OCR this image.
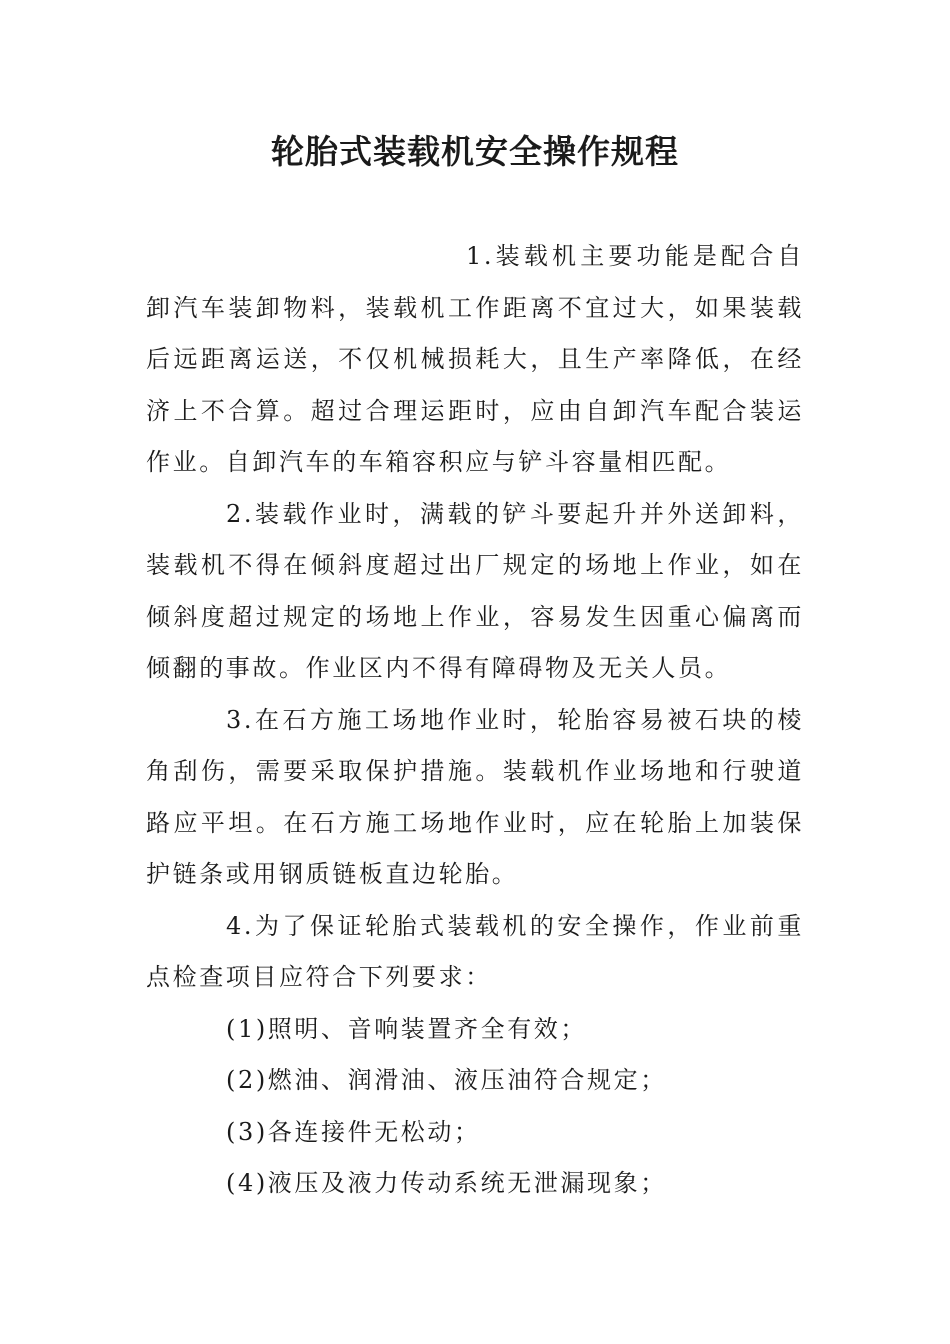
轮胎式装载机安全操作规程

1.装载机主要功能是配合自卸汽车装卸物料，装载机工作距离不宜过大，如果装载后远距离运送，不仅机械损耗大，且生产率降低，在经济上不合算。超过合理运距时，应由自卸汽车配合装运作业。自卸汽车的车箱容积应与铲斗容量相匹配。

2.装载作业时，满载的铲斗要起升并外送卸料，装载机不得在倾斜度超过出厂规定的场地上作业，如在倾斜度超过规定的场地上作业，容易发生因重心偏离而倾翻的事故。作业区内不得有障碍物及无关人员。

3.在石方施工场地作业时，轮胎容易被石块的棱角刮伤，需要采取保护措施。装载机作业场地和行驶道路应平坦。在石方施工场地作业时，应在轮胎上加装保护链条或用钢质链板直边轮胎。

4.为了保证轮胎式装载机的安全操作，作业前重点检查项目应符合下列要求：

(1)照明、音响装置齐全有效；

(2)燃油、润滑油、液压油符合规定；

(3)各连接件无松动；

(4)液压及液力传动系统无泄漏现象；
